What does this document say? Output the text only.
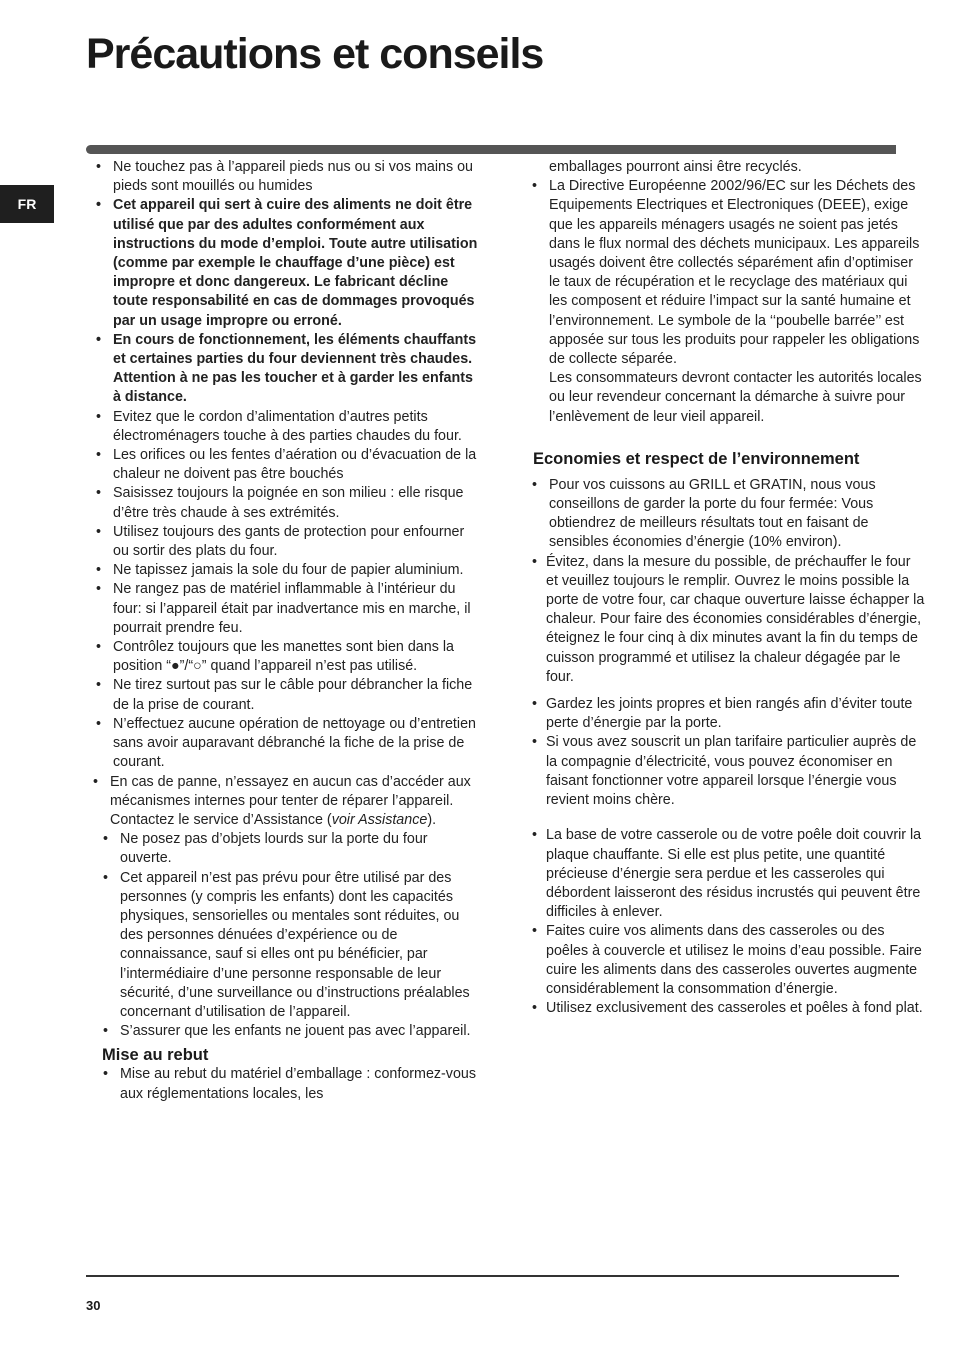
Précautions et conseils
FR
• Ne touchez pas à l’appareil pieds nus ou si vos mains ou pieds sont mouillés ou humides
• Cet appareil qui sert à cuire des aliments ne doit être utilisé que par des adultes conformément aux instructions du mode d’emploi. Toute autre utilisation (comme par exemple le chauffage d’une pièce) est impropre et donc dangereux. Le fabricant décline toute responsabilité en cas de dommages provoqués par un usage impropre ou erroné.
• En cours de fonctionnement, les éléments chauffants et certaines parties du four deviennent très chaudes. Attention à ne pas les toucher et à garder les enfants à distance.
• Evitez que le cordon d’alimentation d’autres petits électroménagers touche à des parties chaudes du four.
• Les orifices ou les fentes d’aération ou d’évacuation de la chaleur ne doivent pas être bouchés
• Saisissez toujours la poignée en son milieu : elle risque d’être très chaude à ses extrémités.
• Utilisez toujours des gants de protection pour enfourner ou sortir des plats du four.
• Ne tapissez jamais la sole du four de papier aluminium.
• Ne rangez pas de matériel inflammable à l’intérieur du four: si l’appareil était par inadvertance mis en marche, il pourrait prendre feu.
• Contrôlez toujours que les manettes sont bien dans la position “●”/“○” quand l’appareil n’est pas utilisé.
• Ne tirez surtout pas sur le câble pour débrancher la fiche de la prise de courant.
• N’effectuez aucune opération de nettoyage ou d’entretien sans avoir auparavant débranché la fiche de la prise de courant.
• En cas de panne, n’essayez en aucun cas d’accéder aux mécanismes internes pour tenter de réparer l’appareil. Contactez le service d’Assistance (voir Assistance).
• Ne posez pas d’objets lourds sur la porte du four ouverte.
• Cet appareil n’est pas prévu pour être utilisé par des personnes (y compris les enfants) dont les capacités physiques, sensorielles ou mentales sont réduites, ou des personnes dénuées d’expérience ou de connaissance, sauf si elles ont pu bénéficier, par l’intermédiaire d’une personne responsable de leur sécurité, d’une surveillance ou d’instructions préalables concernant d’utilisation de l’appareil.
• S’assurer que les enfants ne jouent pas avec l’appareil.
Mise au rebut
• Mise au rebut du matériel d’emballage : conformez-vous aux réglementations locales, les
emballages pourront ainsi être recyclés.
• La Directive Européenne 2002/96/EC sur les Déchets des Equipements Electriques et Electroniques (DEEE), exige que les appareils ménagers usagés ne soient pas jetés dans le flux normal des déchets municipaux. Les appareils usagés doivent être collectés séparément afin d’optimiser le taux de récupération et le recyclage des matériaux qui les composent et réduire l’impact sur la santé humaine et l’environnement. Le symbole de la ‘‘poubelle barrée’’ est apposée sur tous les produits pour rappeler les obligations de collecte séparée.
Les consommateurs devront contacter les autorités locales ou leur revendeur concernant la démarche à suivre pour l’enlèvement de leur vieil appareil.
Economies et respect de l’environnement
• Pour vos cuissons au GRILL et GRATIN, nous vous conseillons de garder la porte du four fermée: Vous obtiendrez de meilleurs résultats tout en faisant de sensibles économies d’énergie (10% environ).
• Évitez, dans la mesure du possible, de préchauffer le four et veuillez toujours le remplir. Ouvrez le moins possible la porte de votre four, car chaque ouverture laisse échapper la chaleur. Pour faire des économies considérables d’énergie, éteignez le four cinq à dix minutes avant la fin du temps de cuisson programmé et utilisez la chaleur dégagée par le four.
• Gardez les joints propres et bien rangés afin d’éviter toute perte d’énergie par la porte.
• Si vous avez souscrit un plan tarifaire particulier auprès de la compagnie d’électricité, vous pouvez économiser en faisant fonctionner votre appareil lorsque l’énergie vous revient moins chère.
• La base de votre casserole ou de votre poêle doit couvrir la plaque chauffante. Si elle est plus petite, une quantité précieuse d’énergie sera perdue et les casseroles qui débordent laisseront des résidus incrustés qui peuvent être difficiles à enlever.
• Faites cuire vos aliments dans des casseroles ou des poêles à couvercle et utilisez le moins d’eau possible. Faire cuire les aliments dans des casseroles ouvertes augmente considérablement la consommation d’énergie.
• Utilisez exclusivement des casseroles et poêles à fond plat.
30
